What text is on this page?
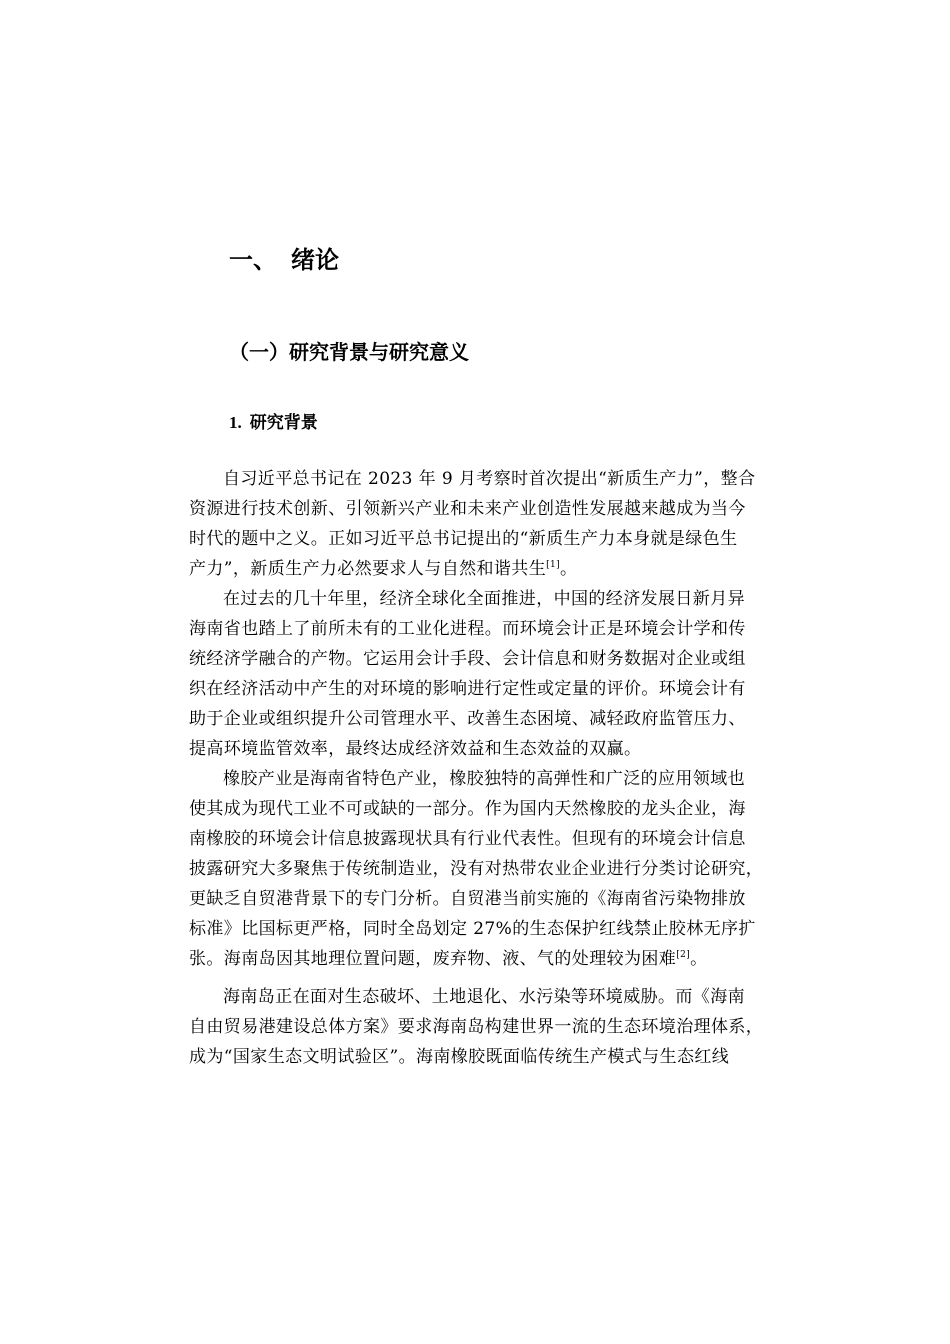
一、 绪论
（一）研究背景与研究意义
1. 研究背景
自习近平总书记在 2023 年 9 月考察时首次提出“新质生产力”，整合
资源进行技术创新、引领新兴产业和未来产业创造性发展越来越成为当今
时代的题中之义。正如习近平总书记提出的“新质生产力本身就是绿色生
产力”，新质生产力必然要求人与自然和谐共生[1]。
在过去的几十年里，经济全球化全面推进，中国的经济发展日新月异
海南省也踏上了前所未有的工业化进程。而环境会计正是环境会计学和传
统经济学融合的产物。它运用会计手段、会计信息和财务数据对企业或组
织在经济活动中产生的对环境的影响进行定性或定量的评价。环境会计有
助于企业或组织提升公司管理水平、改善生态困境、减轻政府监管压力、
提高环境监管效率，最终达成经济效益和生态效益的双赢。
橡胶产业是海南省特色产业，橡胶独特的高弹性和广泛的应用领域也
使其成为现代工业不可或缺的一部分。作为国内天然橡胶的龙头企业，海
南橡胶的环境会计信息披露现状具有行业代表性。但现有的环境会计信息
披露研究大多聚焦于传统制造业，没有对热带农业企业进行分类讨论研究，
更缺乏自贸港背景下的专门分析。自贸港当前实施的《海南省污染物排放
标准》比国标更严格，同时全岛划定 27%的生态保护红线禁止胶林无序扩
张。海南岛因其地理位置问题，废弃物、液、气的处理较为困难[2]。
海南岛正在面对生态破坏、土地退化、水污染等环境威胁。而《海南
自由贸易港建设总体方案》要求海南岛构建世界一流的生态环境治理体系，
成为“国家生态文明试验区”。海南橡胶既面临传统生产模式与生态红线
